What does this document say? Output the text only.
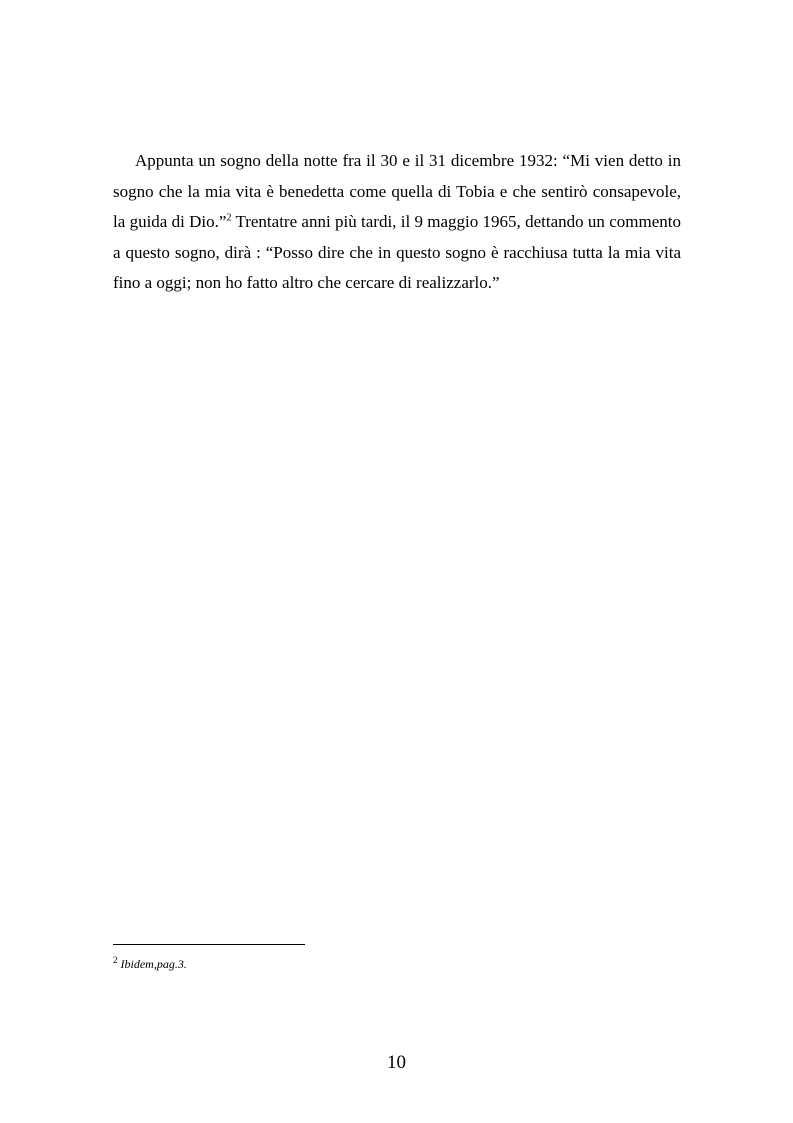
Appunta un sogno della notte fra il 30 e il 31 dicembre 1932: “Mi vien detto in sogno che la mia vita è benedetta come quella di Tobia e che sentirò consapevole, la guida di Dio.”$^2$ Trentatre anni più tardi, il 9 maggio 1965, dettando un commento a questo sogno, dirà : “Posso dire che in questo sogno è racchiusa tutta la mia vita fino a oggi; non ho fatto altro che cercare di realizzarlo.”

$^2$ Ibidem,pag.3.

10
